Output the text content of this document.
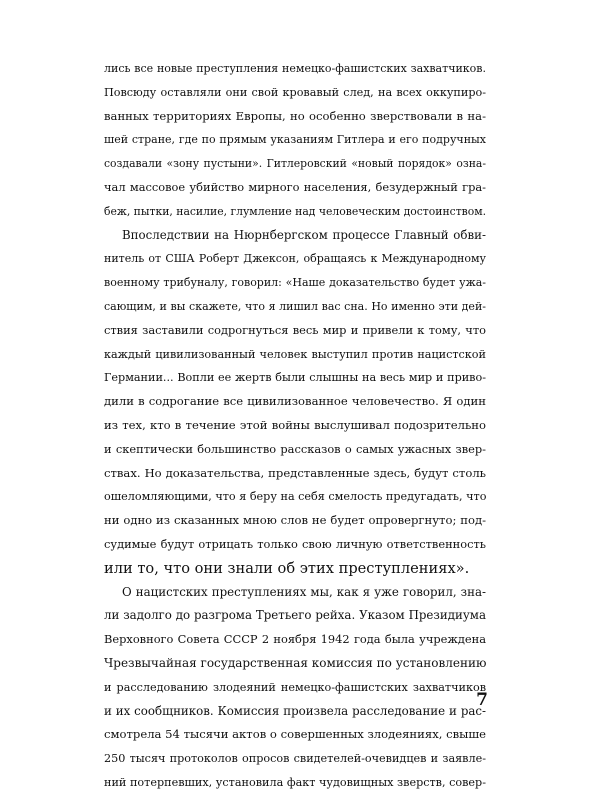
лись все новые преступления немецко-фашистских захватчиков.
Повсюду оставляли они свой кровавый след, на всех оккупиро-
ванных территориях Европы, но особенно зверствовали в на-
шей стране, где по прямым указаниям Гитлера и его подручных
создавали «зону пустыни». Гитлеровский «новый порядок» озна-
чал массовое убийство мирного населения, безудержный гра-
беж, пытки, насилие, глумление над человеческим достоинством.
Впоследствии на Нюрнбергском процессе Главный обви-
нитель от США Роберт Джексон, обращаясь к Международному
военному трибуналу, говорил: «Наше доказательство будет ужа-
сающим, и вы скажете, что я лишил вас сна. Но именно эти дей-
ствия заставили содрогнуться весь мир и привели к тому, что
каждый цивилизованный человек выступил против нацистской
Германии... Вопли ее жертв были слышны на весь мир и приво-
дили в содрогание все цивилизованное человечество. Я один
из тех, кто в течение этой войны выслушивал подозрительно
и скептически большинство рассказов о самых ужасных звер-
ствах. Но доказательства, представленные здесь, будут столь
ошеломляющими, что я беру на себя смелость предугадать, что
ни одно из сказанных мною слов не будет опровергнуто; под-
судимые будут отрицать только свою личную ответственность
или то, что они знали об этих преступлениях».
О нацистских преступлениях мы, как я уже говорил, зна-
ли задолго до разгрома Третьего рейха. Указом Президиума
Верховного Совета СССР 2 ноября 1942 года была учреждена
Чрезвычайная государственная комиссия по установлению
и расследованию злодеяний немецко-фашистских захватчиков
и их сообщников. Комиссия произвела расследование и рас-
смотрела 54 тысячи актов о совершенных злодеяниях, свыше
250 тысяч протоколов опросов свидетелей-очевидцев и заявле-
ний потерпевших, установила факт чудовищных зверств, совер-
7
